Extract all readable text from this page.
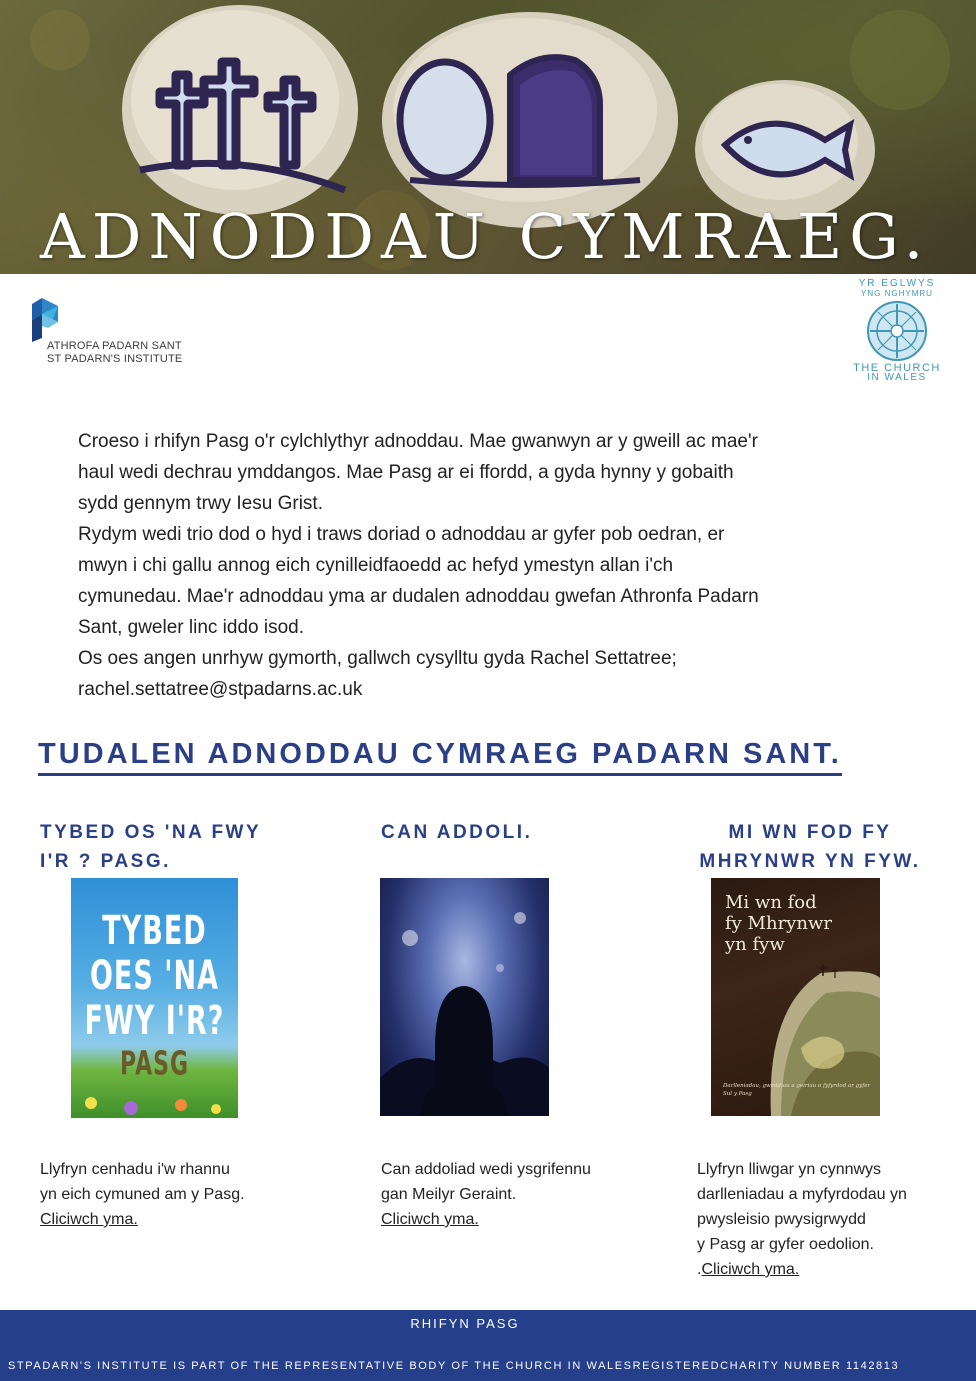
ADNODDAU CYMRAEG.
ATHROFA PADARN SANT
ST PADARN'S INSTITUTE
YR EGLWYS
YNG NGHYMRU
THE CHURCH
IN WALES

Croeso i rhifyn Pasg o'r cylchlythyr adnoddau. Mae gwanwyn ar y gweill ac mae'r

haul wedi dechrau ymddangos. Mae Pasg ar ei ffordd, a gyda hynny y gobaith

sydd gennym trwy Iesu Grist.

Rydym wedi trio dod o hyd i traws doriad o adnoddau ar gyfer pob oedran, er

mwyn i chi gallu annog eich cynilleidfaoedd ac hefyd ymestyn allan i'ch

cymunedau. Mae'r adnoddau yma ar dudalen adnoddau gwefan Athronfa Padarn

Sant, gweler linc iddo isod.

Os oes angen unrhyw gymorth, gallwch cysylltu gyda Rachel Settatree;

rachel.settatree@stpadarns.ac.uk

TUDALEN ADNODDAU CYMRAEG PADARN SANT.
TYBED OS 'NA FWY
I'R ? PASG.
TYBED
OES 'NA
FWY I'R?
PASG
Llyfryn cenhadu i'w rhannu
yn eich cymuned am y Pasg.
Cliciwch yma.
CAN ADDOLI.
Can addoliad wedi ysgrifennu
gan Meilyr Geraint.
Cliciwch yma.
MI WN FOD FY
MHRYNWR YN FYW.
Mi wn fod
fy Mhrynwr
yn fyw
Darlleniadau, gweddïau a geiriau o fyfyrdod ar gyfer Sul y Pasg
Llyfryn lliwgar yn cynnwys
darlleniadau a myfyrdodau yn
pwysleisio pwysigrwydd
y Pasg ar gyfer oedolion.
.Cliciwch yma.
RHIFYN PASG
STPADARN'S INSTITUTE IS PART OF THE REPRESENTATIVE BODY OF THE CHURCH IN WALESREGISTEREDCHARITY NUMBER 1142813
